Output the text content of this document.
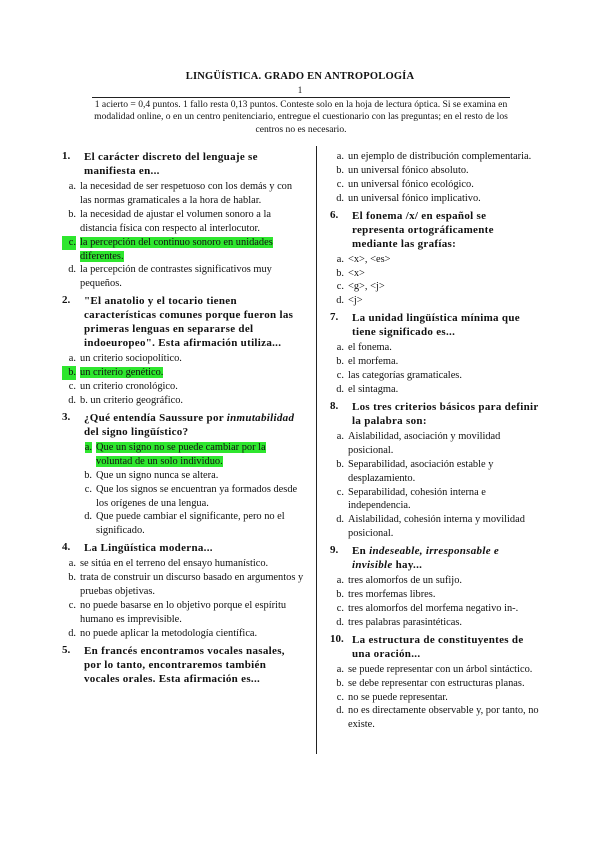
LINGÜÍSTICA. GRADO EN ANTROPOLOGÍA
1
1 acierto = 0,4 puntos. 1 fallo resta 0,13 puntos. Conteste solo en la hoja de lectura óptica. Si se examina en modalidad online, o en un centro penitenciario, entregue el cuestionario con las preguntas; en el resto de los centros no es necesario.
1.	El carácter discreto del lenguaje se manifiesta en...
a. la necesidad de ser respetuoso con los demás y con las normas gramaticales a la hora de hablar.
b. la necesidad de ajustar el volumen sonoro a la distancia física con respecto al interlocutor.
c. la percepción del continuo sonoro en unidades diferentes.
d. la percepción de contrastes significativos muy pequeños.
2.	"El anatolio y el tocario tienen características comunes porque fueron las primeras lenguas en separarse del indoeuropeo". Esta afirmación utiliza...
a. un criterio sociopolítico.
b. un criterio genético.
c. un criterio cronológico.
d. b. un criterio geográfico.
3.	¿Qué entendía Saussure por inmutabilidad del signo lingüístico?
a. Que un signo no se puede cambiar por la voluntad de un solo individuo.
b. Que un signo nunca se altera.
c. Que los signos se encuentran ya formados desde los orígenes de una lengua.
d. Que puede cambiar el significante, pero no el significado.
4.	La Lingüística moderna...
a. se sitúa en el terreno del ensayo humanístico.
b. trata de construir un discurso basado en argumentos y pruebas objetivas.
c. no puede basarse en lo objetivo porque el espíritu humano es imprevisible.
d. no puede aplicar la metodología científica.
5.	En francés encontramos vocales nasales, por lo tanto, encontraremos también vocales orales. Esta afirmación es...
a. un ejemplo de distribución complementaria.
b. un universal fónico absoluto.
c. un universal fónico ecológico.
d. un universal fónico implicativo.
6.	El fonema /x/ en español se representa ortográficamente mediante las grafías:
a. <x>, <es>
b. <x>
c. <g>, <j>
d. <j>
7.	La unidad lingüística mínima que tiene significado es...
a. el fonema.
b. el morfema.
c. las categorías gramaticales.
d. el sintagma.
8.	Los tres criterios básicos para definir la palabra son:
a. Aislabilidad, asociación y movilidad posicional.
b. Separabilidad, asociación estable y desplazamiento.
c. Separabilidad, cohesión interna e independencia.
d. Aislabilidad, cohesión interna y movilidad posicional.
9.	En indeseable, irresponsable e invisible hay...
a. tres alomorfos de un sufijo.
b. tres morfemas libres.
c. tres alomorfos del morfema negativo in-.
d. tres palabras parasintéticas.
10. La estructura de constituyentes de una oración...
a. se puede representar con un árbol sintáctico.
b. se debe representar con estructuras planas.
c. no se puede representar.
d. no es directamente observable y, por tanto, no existe.
